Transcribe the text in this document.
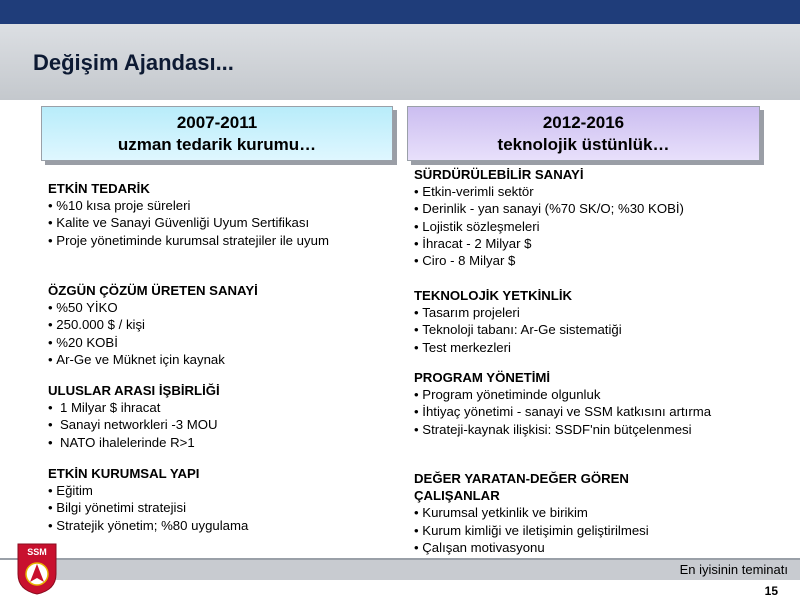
Değişim Ajandası...
2007-2011
uzman tedarik kurumu…
2012-2016
teknolojik üstünlük…
ETKİN TEDARİK
• %10 kısa proje süreleri
• Kalite ve Sanayi Güvenliği Uyum Sertifikası
• Proje yönetiminde kurumsal stratejiler ile uyum
ÖZGÜN ÇÖZÜM ÜRETEN SANAYİ
• %50 YİKO
• 250.000 $ / kişi
• %20 KOBİ
• Ar-Ge ve Müknet için kaynak
ULUSLAR ARASI İŞBİRLİĞİ
•  1 Milyar $ ihracat
•  Sanayi networkleri -3 MOU
•  NATO ihalelerinde R>1
ETKİN KURUMSAL YAPI
• Eğitim
• Bilgi yönetimi stratejisi
• Stratejik yönetim; %80 uygulama
SÜRDÜRÜLEBİLİR SANAYİ
• Etkin-verimli sektör
• Derinlik - yan sanayi (%70 SK/O; %30 KOBİ)
• Lojistik sözleşmeleri
• İhracat - 2 Milyar $
• Ciro - 8 Milyar $
TEKNOLOJİK YETKİNLİK
• Tasarım projeleri
• Teknoloji tabanı: Ar-Ge sistematiği
• Test merkezleri
PROGRAM YÖNETİMİ
• Program yönetiminde olgunluk
• İhtiyaç yönetimi - sanayi ve SSM katkısını artırma
• Strateji-kaynak ilişkisi: SSDF'nin bütçelenmesi
DEĞER YARATAN-DEĞER GÖREN ÇALIŞANLAR
• Kurumsal yetkinlik ve birikim
• Kurum kimliği ve iletişimin geliştirilmesi
• Çalışan motivasyonu
En iyisinin teminatı
15
SSM
